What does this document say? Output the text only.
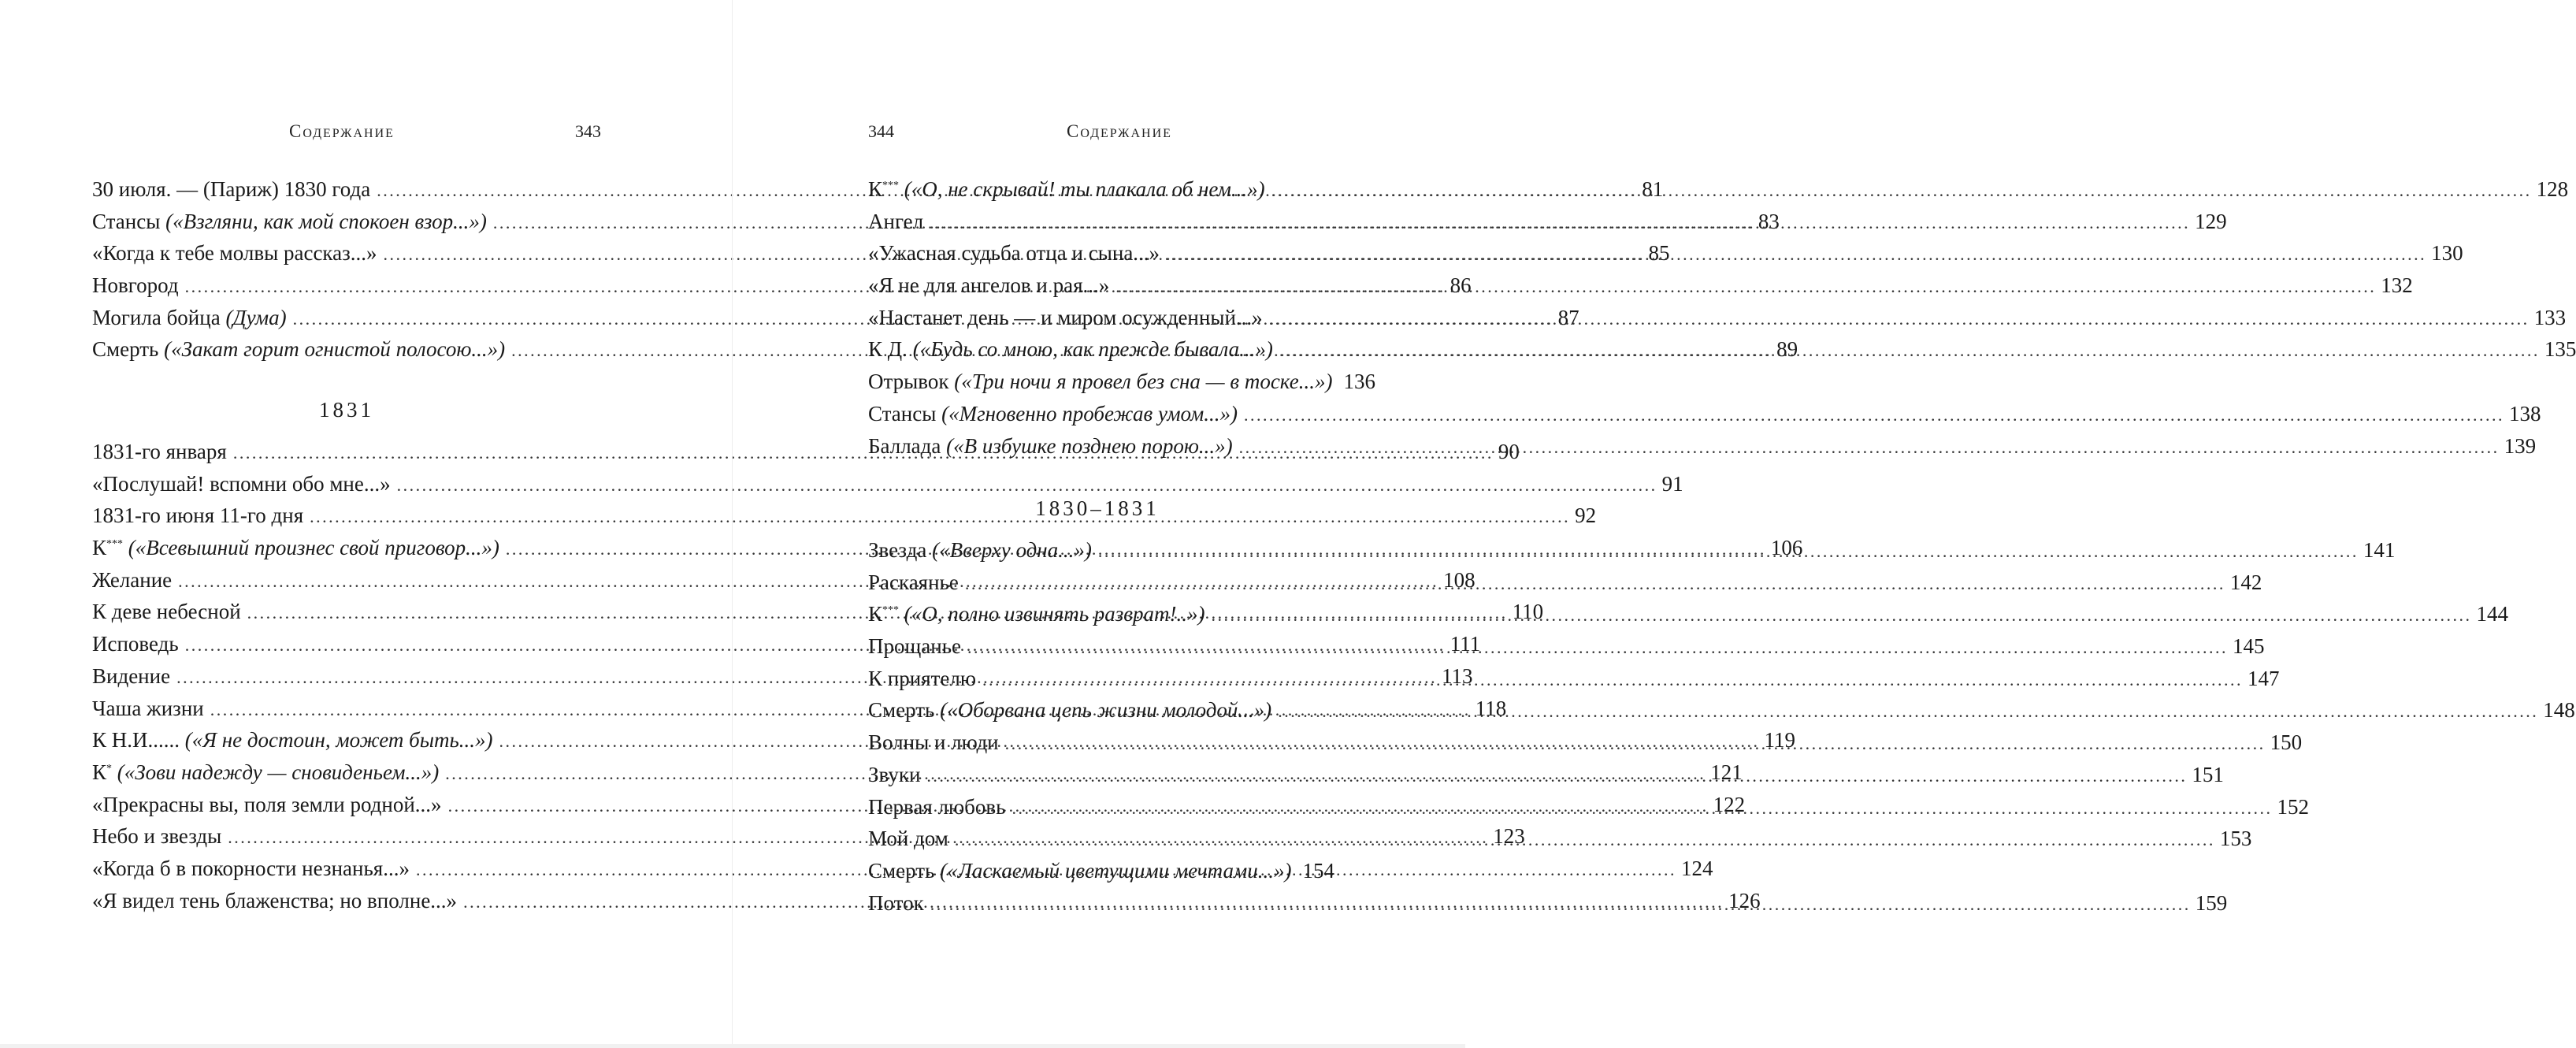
Содержание	343
30 июля. — (Париж) 1830 года .....	81
Стансы («Взгляни, как мой спокоен взор...») .....	83
«Когда к тебе молвы рассказ...» .....	85
Новгород .....	86
Могила бойца (Дума) .....	87
Смерть («Закат горит огнистой полосою...») .....	89
1831
1831-го января .....	90
«Послушай! вспомни обо мне...» .....	91
1831-го июня 11-го дня .....	92
К*** («Всевышний произнес свой приговор...») .....	106
Желание .....	108
К деве небесной .....	110
Исповедь .....	111
Видение .....	113
Чаша жизни .....	118
К Н.И...... («Я не достоин, может быть...») .....	119
К* («Зови надежду — сновиденьем...») .....	121
«Прекрасны вы, поля земли родной...» .....	122
Небо и звезды .....	123
«Когда б в покорности незнанья...» .....	124
«Я видел тень блаженства; но вполне...» .....	126
344	Содержание
К*** («О, не скрывай! ты плакала об нем...») .....	128
Ангел .....	129
«Ужасная судьба отца и сына...» .....	130
«Я не для ангелов и рая...» .....	132
«Настанет день — и миром осужденный...» .....	133
К Д. («Будь со мною, как прежде бывала...») .....	135
Отрывок («Три ночи я провел без сна — в тоске...») 136
Стансы («Мгновенно пробежав умом...») .....	138
Баллада («В избушке позднею порою...») .....	139
1830–1831
Звезда («Вверху одна...») .....	141
Раскаянье .....	142
К*** («О, полно извинять разврат!..») .....	144
Прощанье .....	145
К приятелю .....	147
Смерть («Оборвана цепь жизни молодой...») .....	148
Волны и люди .....	150
Звуки .....	151
Первая любовь .....	152
Мой дом .....	153
Смерть («Ласкаемый цветущими мечтами...») 154
Поток .....	159
